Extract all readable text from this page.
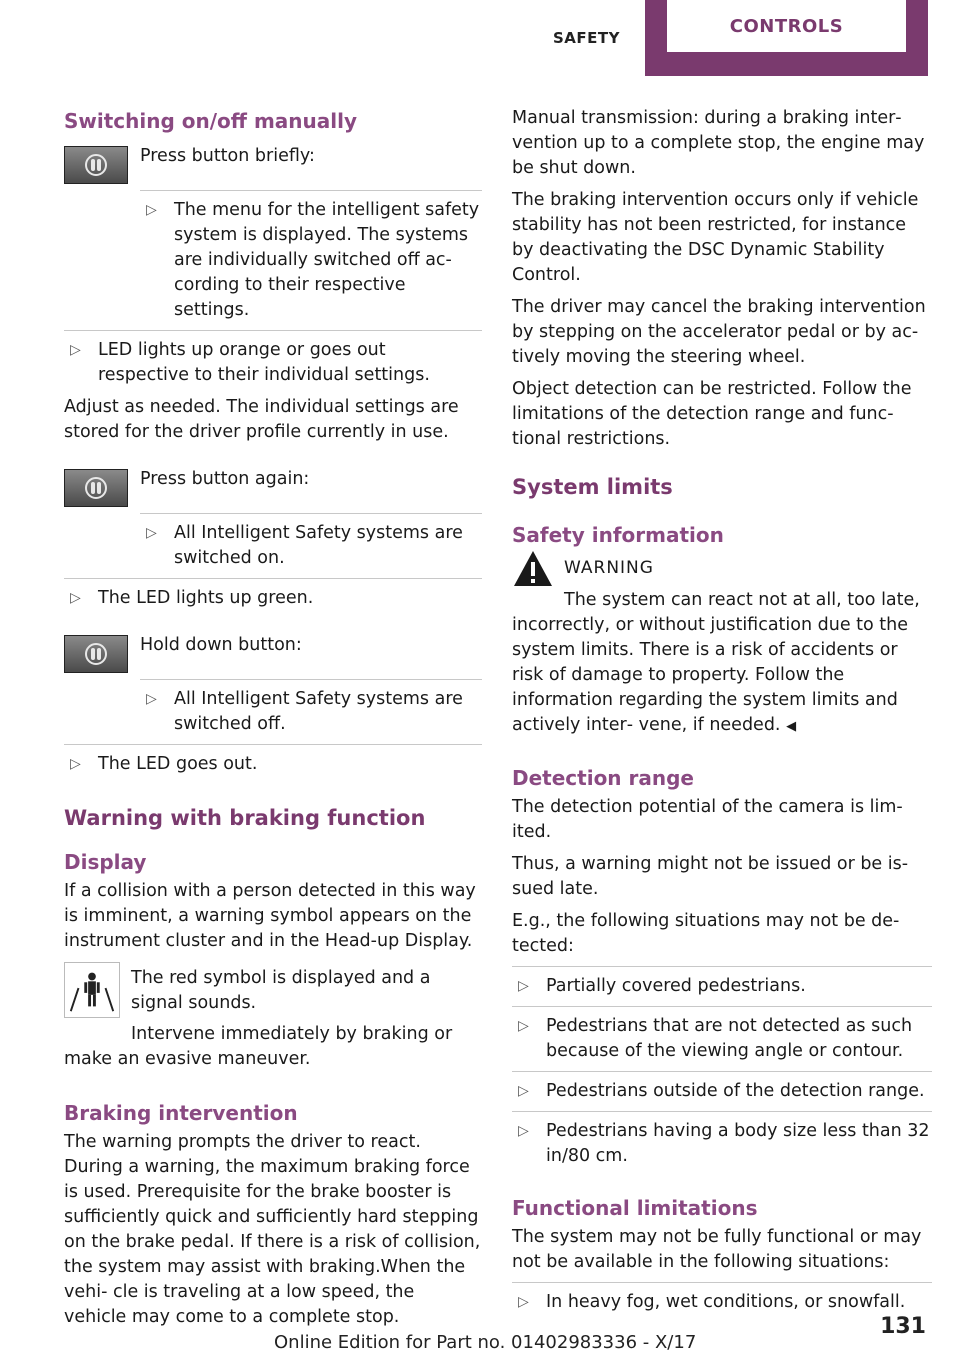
SAFETY
CONTROLS
Switching on/off manually

Press button briefly:

▷ The menu for the intelligent safety system is displayed. The systems are individually switched off ac‐ cording to their respective settings.
▷ LED lights up orange or goes out respective to their individual settings.

Adjust as needed. The individual settings are stored for the driver profile currently in use.

Press button again:

▷ All Intelligent Safety systems are switched on.
▷ The LED lights up green.

Hold down button:

▷ All Intelligent Safety systems are switched off.
▷ The LED goes out.
Warning with braking function
Display

If a collision with a person detected in this way is imminent, a warning symbol appears on the instrument cluster and in the Head-up Display.

The red symbol is displayed and a signal sounds.

Intervene immediately by braking or make an evasive maneuver.

Braking intervention

The warning prompts the driver to react. During a warning, the maximum braking force is used. Prerequisite for the brake booster is sufficiently quick and sufficiently hard stepping on the brake pedal. If there is a risk of collision, the system may assist with braking.When the vehi‐ cle is traveling at a low speed, the vehicle may come to a complete stop.

Manual transmission: during a braking inter‐ vention up to a complete stop, the engine may be shut down.

The braking intervention occurs only if vehicle stability has not been restricted, for instance by deactivating the DSC Dynamic Stability Control.

The driver may cancel the braking intervention by stepping on the accelerator pedal or by ac‐ tively moving the steering wheel.

Object detection can be restricted. Follow the limitations of the detection range and func‐ tional restrictions.

System limits
Safety information
WARNING

The system can react not at all, too late, incorrectly, or without justification due to the system limits. There is a risk of accidents or risk of damage to property. Follow the information regarding the system limits and actively inter‐ vene, if needed. ◀

Detection range

The detection potential of the camera is lim‐ ited.

Thus, a warning might not be issued or be is‐ sued late.

E.g., the following situations may not be de‐ tected:

▷ Partially covered pedestrians.
▷ Pedestrians that are not detected as such because of the viewing angle or contour.
▷ Pedestrians outside of the detection range.
▷ Pedestrians having a body size less than 32 in/80 cm.
Functional limitations

The system may not be fully functional or may not be available in the following situations:

▷ In heavy fog, wet conditions, or snowfall.
131
Online Edition for Part no. 01402983336 - X/17
